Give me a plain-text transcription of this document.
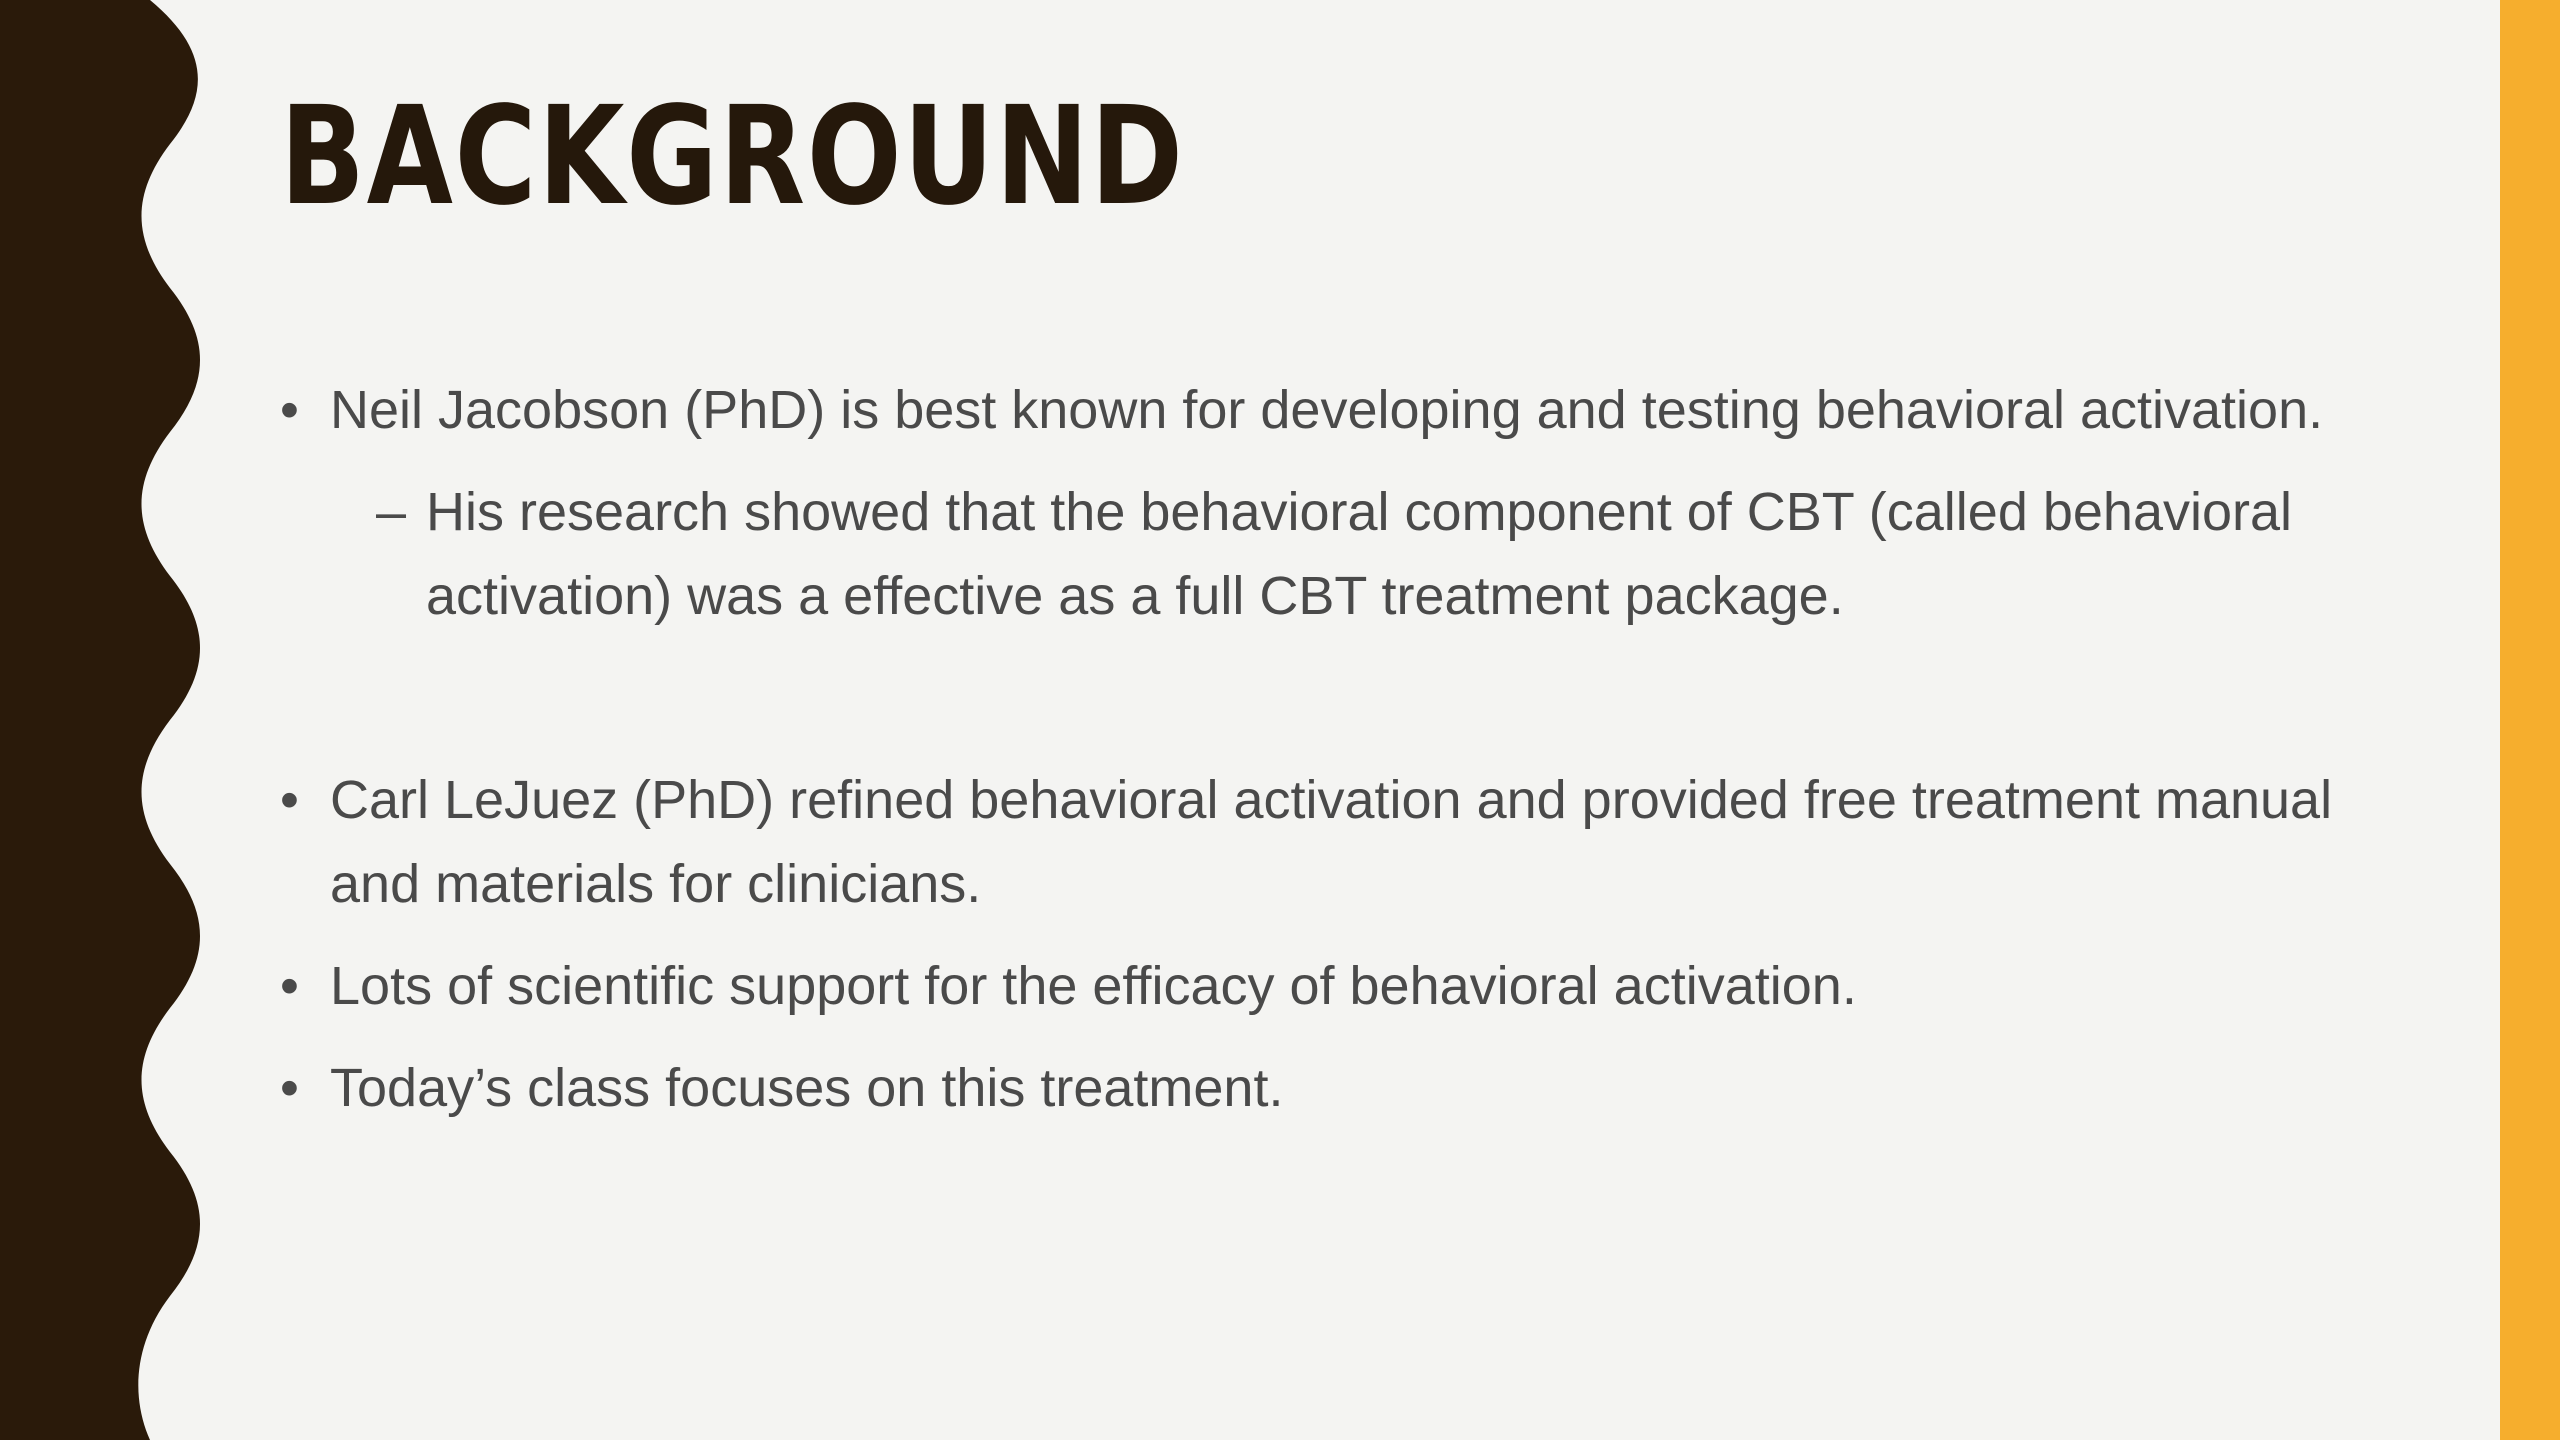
BACKGROUND
• Neil Jacobson (PhD) is best known for developing and testing behavioral activation.
– His research showed that the behavioral component of CBT (called behavioral activation) was a effective as a full CBT treatment package.
• Carl LeJuez (PhD) refined behavioral activation and provided free treatment manual and materials for clinicians.
• Lots of scientific support for the efficacy of behavioral activation.
• Today’s class focuses on this treatment.
